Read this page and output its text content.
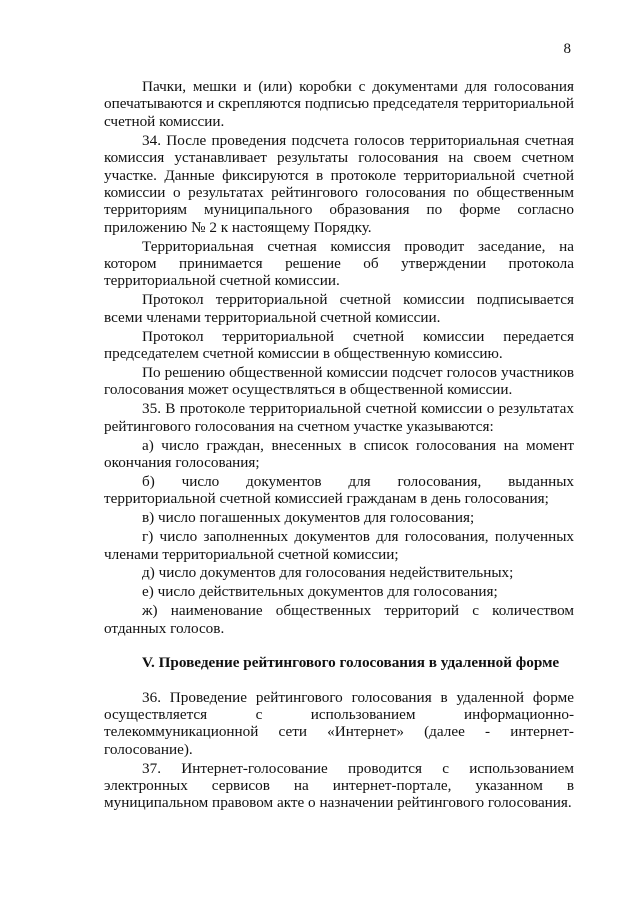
8

Пачки, мешки и (или) коробки с документами для голосования опечатываются и скрепляются подписью председателя территориальной счетной комиссии.

34. После проведения подсчета голосов территориальная счетная комиссия устанавливает результаты голосования на своем счетном участке. Данные фиксируются в протоколе территориальной счетной комиссии о результатах рейтингового голосования по общественным территориям муниципального образования по форме согласно приложению № 2 к настоящему Порядку.

Территориальная счетная комиссия проводит заседание, на котором принимается решение об утверждении протокола территориальной счетной комиссии.

Протокол территориальной счетной комиссии подписывается всеми членами территориальной счетной комиссии.

Протокол территориальной счетной комиссии передается председателем счетной комиссии в общественную комиссию.

По решению общественной комиссии подсчет голосов участников голосования может осуществляться в общественной комиссии.

35. В протоколе территориальной счетной комиссии о результатах рейтингового голосования на счетном участке указываются:

а) число граждан, внесенных в список голосования на момент окончания голосования;

б) число документов для голосования, выданных территориальной счетной комиссией гражданам в день голосования;

в) число погашенных документов для голосования;

г) число заполненных документов для голосования, полученных членами территориальной счетной комиссии;

д) число документов для голосования недействительных;

е) число действительных документов для голосования;

ж) наименование общественных территорий с количеством отданных голосов.

V. Проведение рейтингового голосования в удаленной форме

36. Проведение рейтингового голосования в удаленной форме осуществляется с использованием информационно-телекоммуникационной сети «Интернет» (далее - интернет-голосование).

37. Интернет-голосование проводится с использованием электронных сервисов на интернет-портале, указанном в муниципальном правовом акте о назначении рейтингового голосования.
